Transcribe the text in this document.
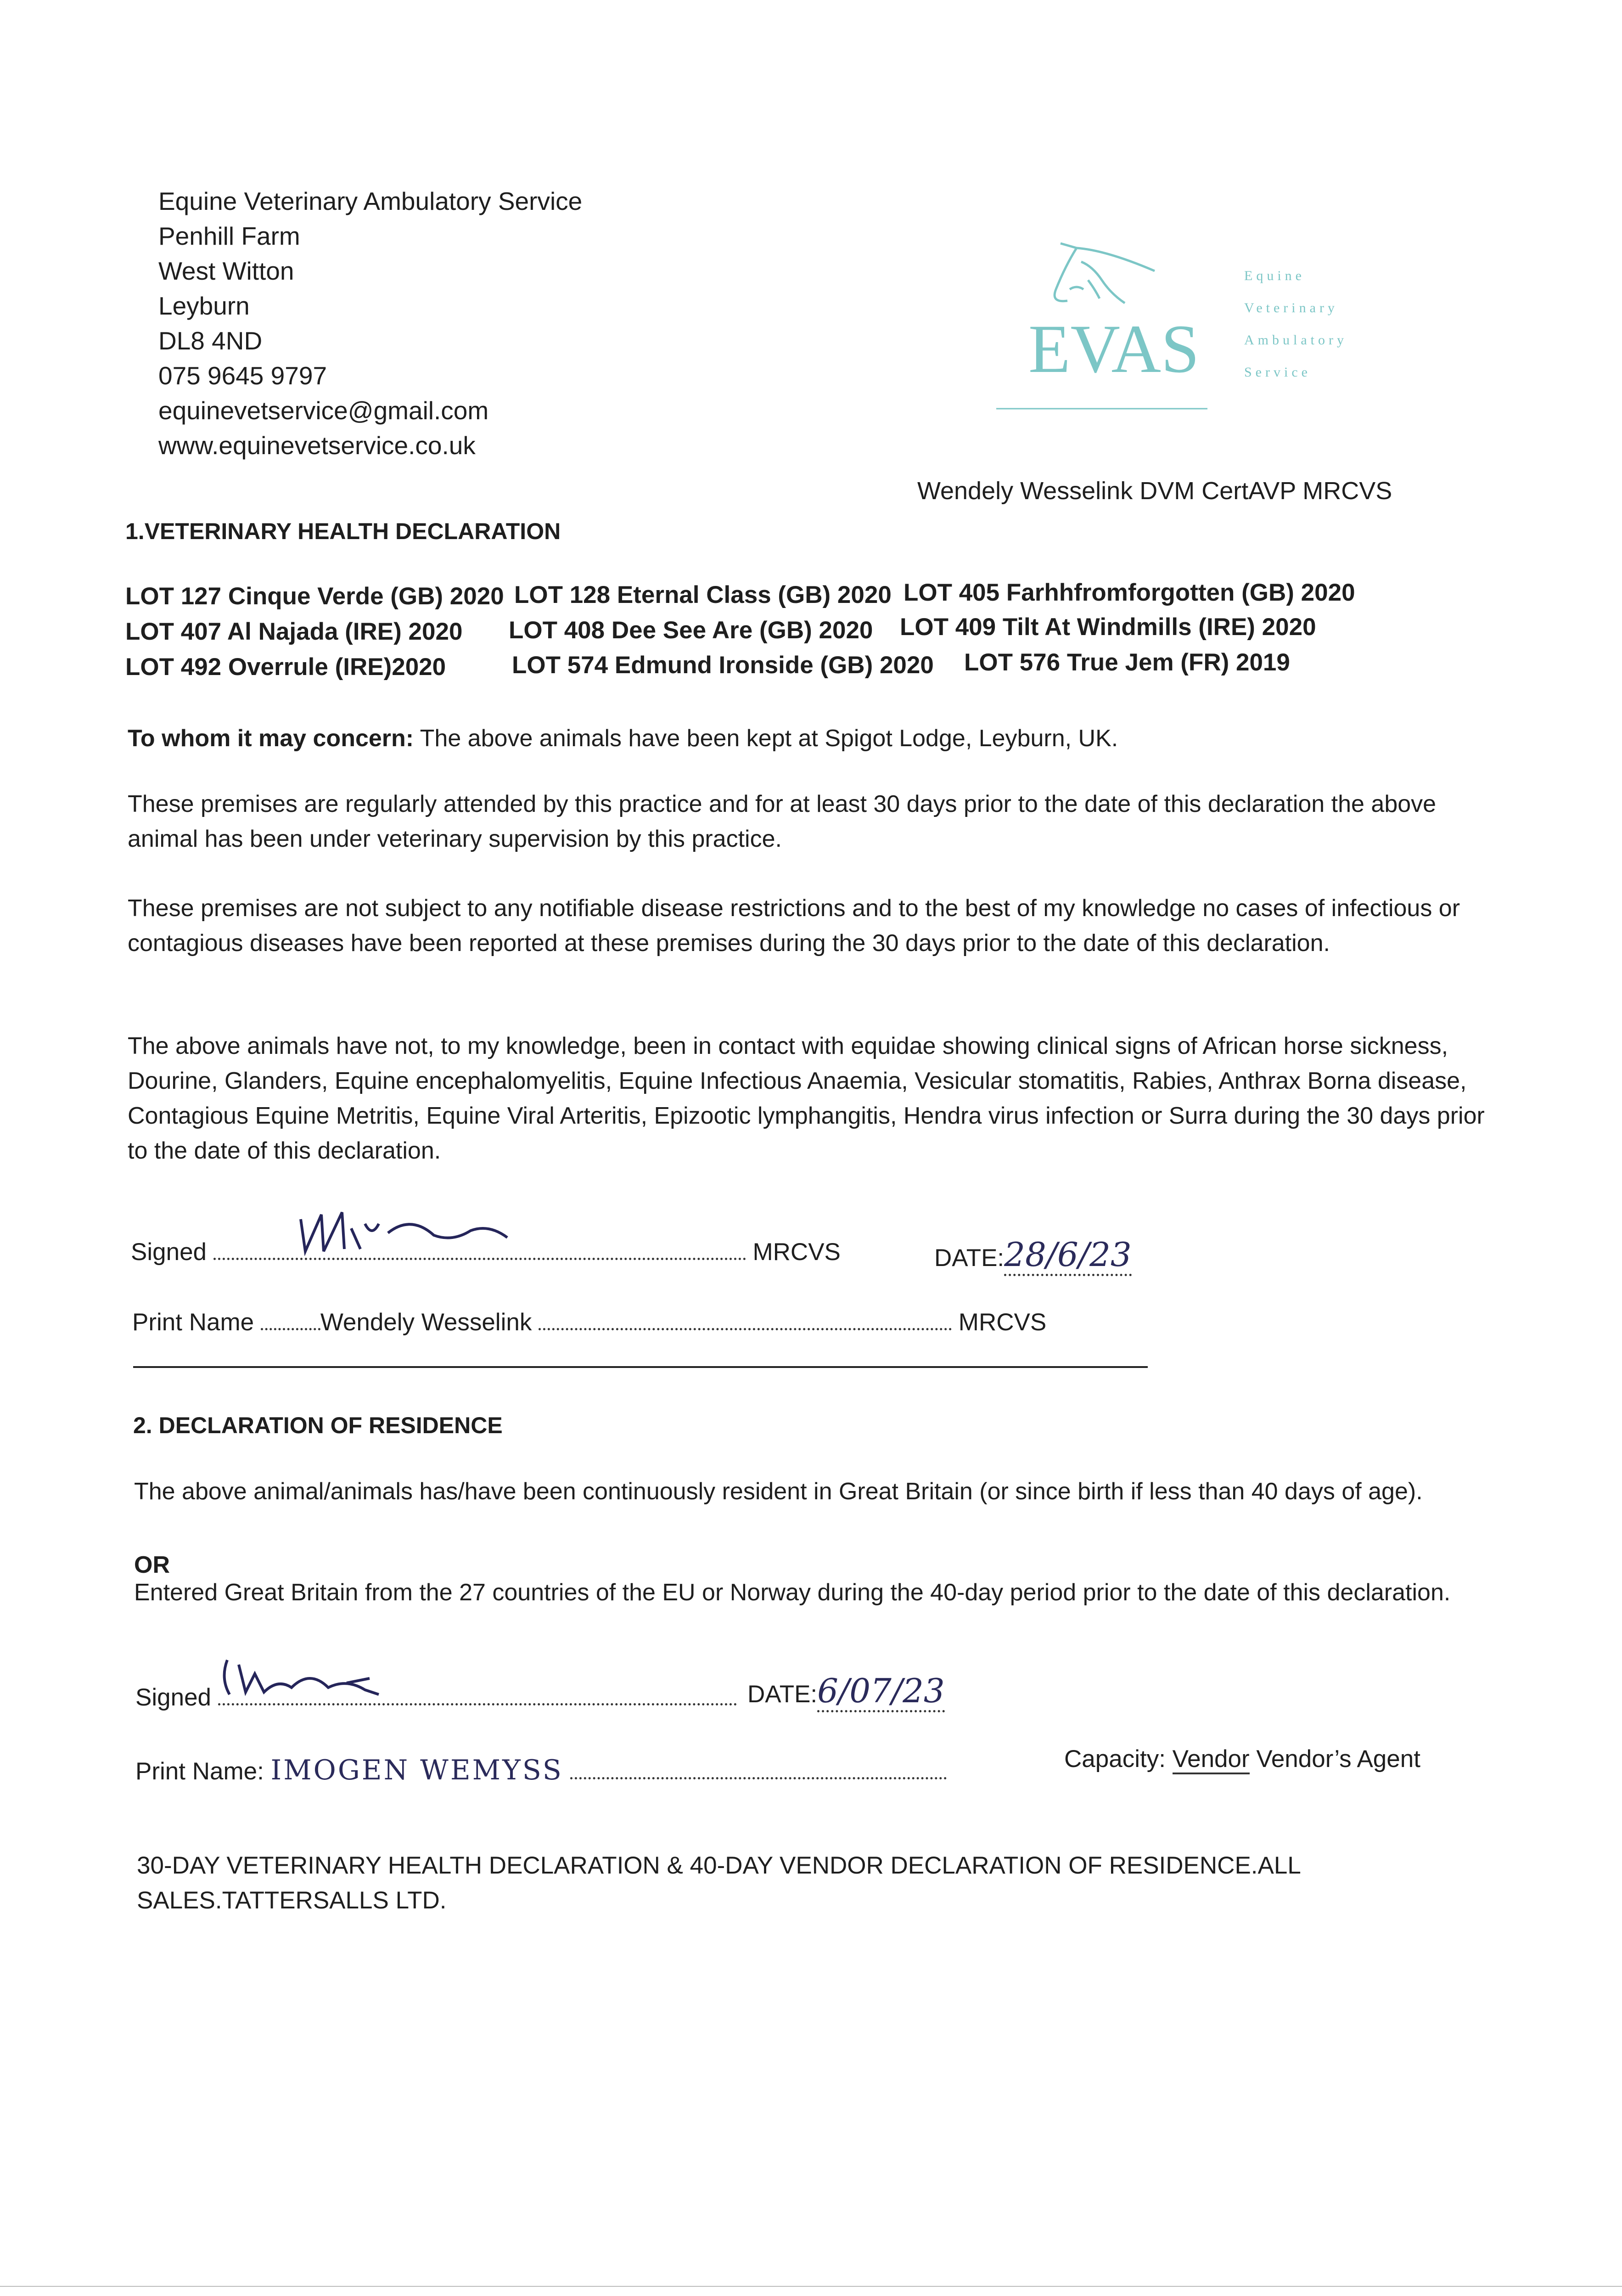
Equine Veterinary Ambulatory Service
Penhill Farm
West Witton
Leyburn
DL8 4ND
075 9645 9797
equinevetservice@gmail.com
www.equinevetservice.co.uk
EVAS
Equine
Veterinary
Ambulatory
Service
Wendely Wesselink DVM CertAVP MRCVS
1.VETERINARY HEALTH DECLARATION
LOT 127 Cinque Verde (GB) 2020 LOT 128 Eternal Class (GB) 2020 LOT 405 Farhhfromforgotten (GB) 2020
LOT 407 Al Najada (IRE) 2020 LOT 408 Dee See Are (GB) 2020 LOT 409 Tilt At Windmills (IRE) 2020
LOT 492 Overrule (IRE)2020	LOT 574 Edmund Ironside (GB) 2020 LOT 576 True Jem (FR) 2019
To whom it may concern: The above animals have been kept at Spigot Lodge, Leyburn, UK.
These premises are regularly attended by this practice and for at least 30 days prior to the date of this declaration the above animal has been under veterinary supervision by this practice.
These premises are not subject to any notifiable disease restrictions and to the best of my knowledge no cases of infectious or contagious diseases have been reported at these premises during the 30 days prior to the date of this declaration.
The above animals have not, to my knowledge, been in contact with equidae showing clinical signs of African horse sickness, Dourine, Glanders, Equine encephalomyelitis, Equine Infectious Anaemia, Vesicular stomatitis, Rabies, Anthrax Borna disease, Contagious Equine Metritis, Equine Viral Arteritis, Epizootic lymphangitis, Hendra virus infection or Surra during the 30 days prior to the date of this declaration.
Signed	MRCVS	DATE:28/6/23
Print Name	Wendely Wesselink	MRCVS
2. DECLARATION OF RESIDENCE
The above animal/animals has/have been continuously resident in Great Britain (or since birth if less than 40 days of age).
OR
Entered Great Britain from the 27 countries of the EU or Norway during the 40-day period prior to the date of this declaration.
Signed	DATE:6/07/23
Print Name: IMOGEN WEMYSS	Capacity: Vendor Vendor’s Agent
30-DAY VETERINARY HEALTH DECLARATION & 40-DAY VENDOR DECLARATION OF RESIDENCE.ALL SALES.TATTERSALLS LTD.
